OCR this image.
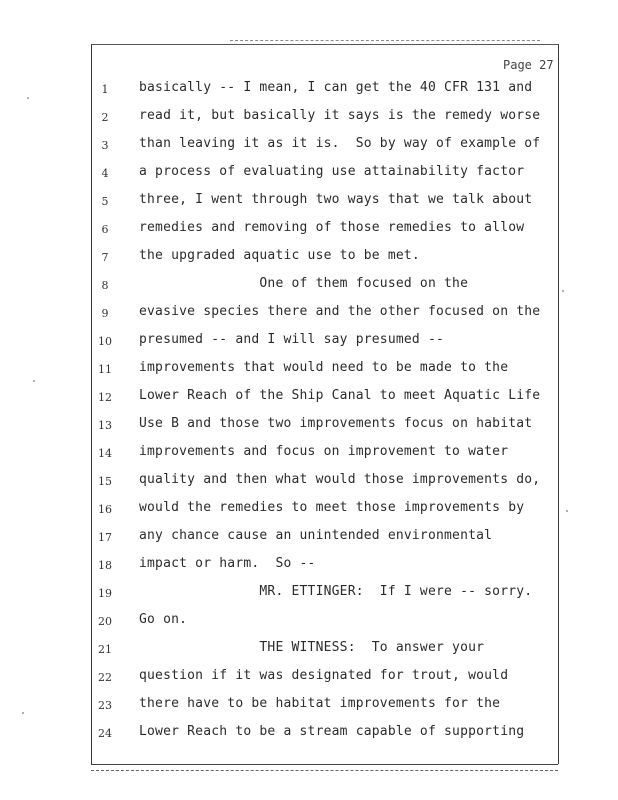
Page 27
1	basically -- I mean, I can get the 40 CFR 131 and
2	read it, but basically it says is the remedy worse
3	than leaving it as it is.  So by way of example of
4	a process of evaluating use attainability factor
5	three, I went through two ways that we talk about
6	remedies and removing of those remedies to allow
7	the upgraded aquatic use to be met.
8	One of them focused on the
9	evasive species there and the other focused on the
10	presumed -- and I will say presumed --
11	improvements that would need to be made to the
12	Lower Reach of the Ship Canal to meet Aquatic Life
13	Use B and those two improvements focus on habitat
14	improvements and focus on improvement to water
15	quality and then what would those improvements do,
16	would the remedies to meet those improvements by
17	any chance cause an unintended environmental
18	impact or harm.  So --
19	MR. ETTINGER:  If I were -- sorry.
20	Go on.
21	THE WITNESS:  To answer your
22	question if it was designated for trout, would
23	there have to be habitat improvements for the
24	Lower Reach to be a stream capable of supporting
